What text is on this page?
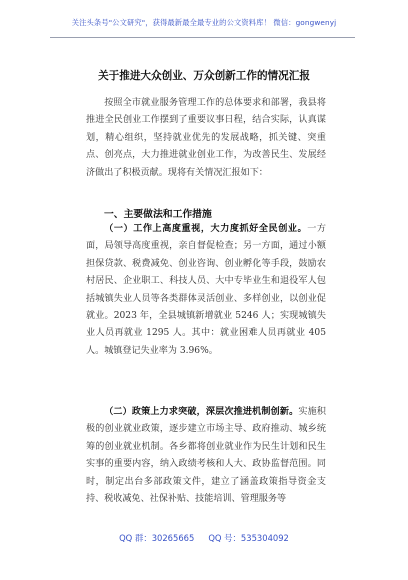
关注头条号"公文研究"，获得最新最全最专业的公文资料库！ 微信：gongwenyj
关于推进大众创业、万众创新工作的情况汇报

按照全市就业服务管理工作的总体要求和部署，我县将推进全民创业工作摆到了重要议事日程，结合实际，认真谋划，精心组织，坚持就业优先的发展战略，抓关键、突重点、创亮点，大力推进就业创业工作，为改善民生、发展经济做出了积极贡献。现将有关情况汇报如下：

一、主要做法和工作措施

（一）工作上高度重视，大力度抓好全民创业。一方面，局领导高度重视，亲自督促检查；另一方面，通过小额担保贷款、税费减免、创业咨询、创业孵化等手段，鼓励农村居民、企业职工、科技人员、大中专毕业生和退役军人包括城镇失业人员等各类群体灵活创业、多样创业，以创业促就业。2023 年，全县城镇新增就业 5246 人；实现城镇失业人员再就业 1295 人。其中：就业困难人员再就业 405 人。城镇登记失业率为 3.96%。

（二）政策上力求突破，深层次推进机制创新。实施积极的创业就业政策，逐步建立市场主导、政府推动、城乡统筹的创业就业机制。各乡都将创业就业作为民生计划和民生实事的重要内容，纳入政绩考核和人大、政协监督范围。同时，制定出台多部政策文件，建立了涵盖政策指导资金支持、税收减免、社保补贴、技能培训、管理服务等

QQ 群：30265665 QQ 号：535304092
